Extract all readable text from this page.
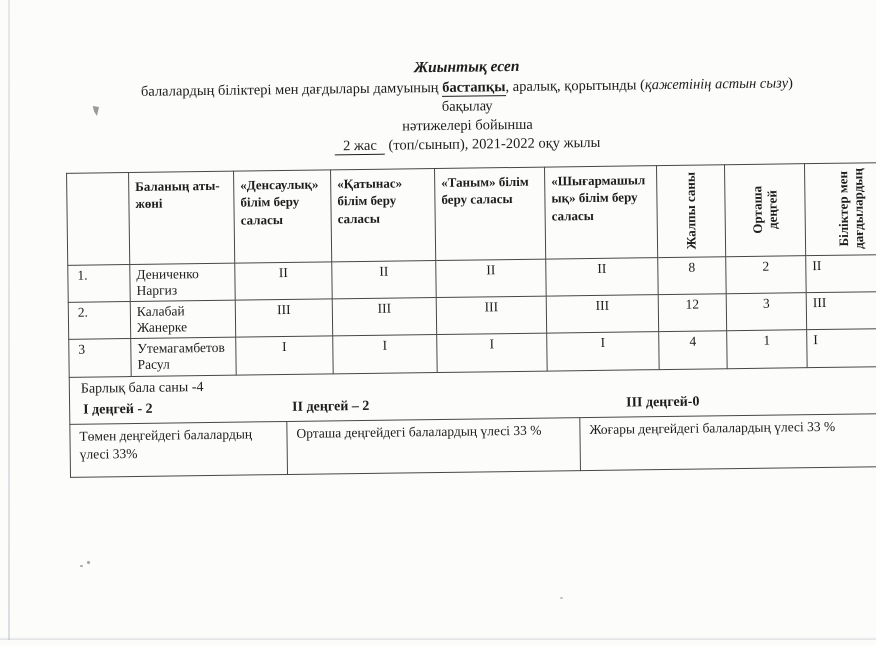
Жиынтық есеп
балалардың біліктері мен дағдылары дамуының бастапқы, аралық, қорытынды (қажетінің астын сызу)
бақылау
нәтижелері бойынша
2 жас (топ/сынып), 2021-2022 оқу жылы
	Баланың аты- жөні	«Денсаулық» білім беру саласы	«Қатынас» білім беру саласы	«Таным» білім беру саласы	«Шығармашылық» білім беру саласы	Жалпы саны	Орташа деңгей	Біліктер мен дағдылардың

1.	Дениченко Наргиз	II	II	II	II	8	2	II
2.	Калабай Жанерке	III	III	III	III	12	3	III
3	Утемагамбетов Расул	I	I	I	I	4	1	I
Барлық бала саны -4
I деңгей - 2	II деңгей – 2	III деңгей-0
Төмен деңгейдегі балалардың үлесі 33%	Орташа деңгейдегі балалардың үлесі 33 %	Жоғары деңгейдегі балалардың үлесі 33 %
